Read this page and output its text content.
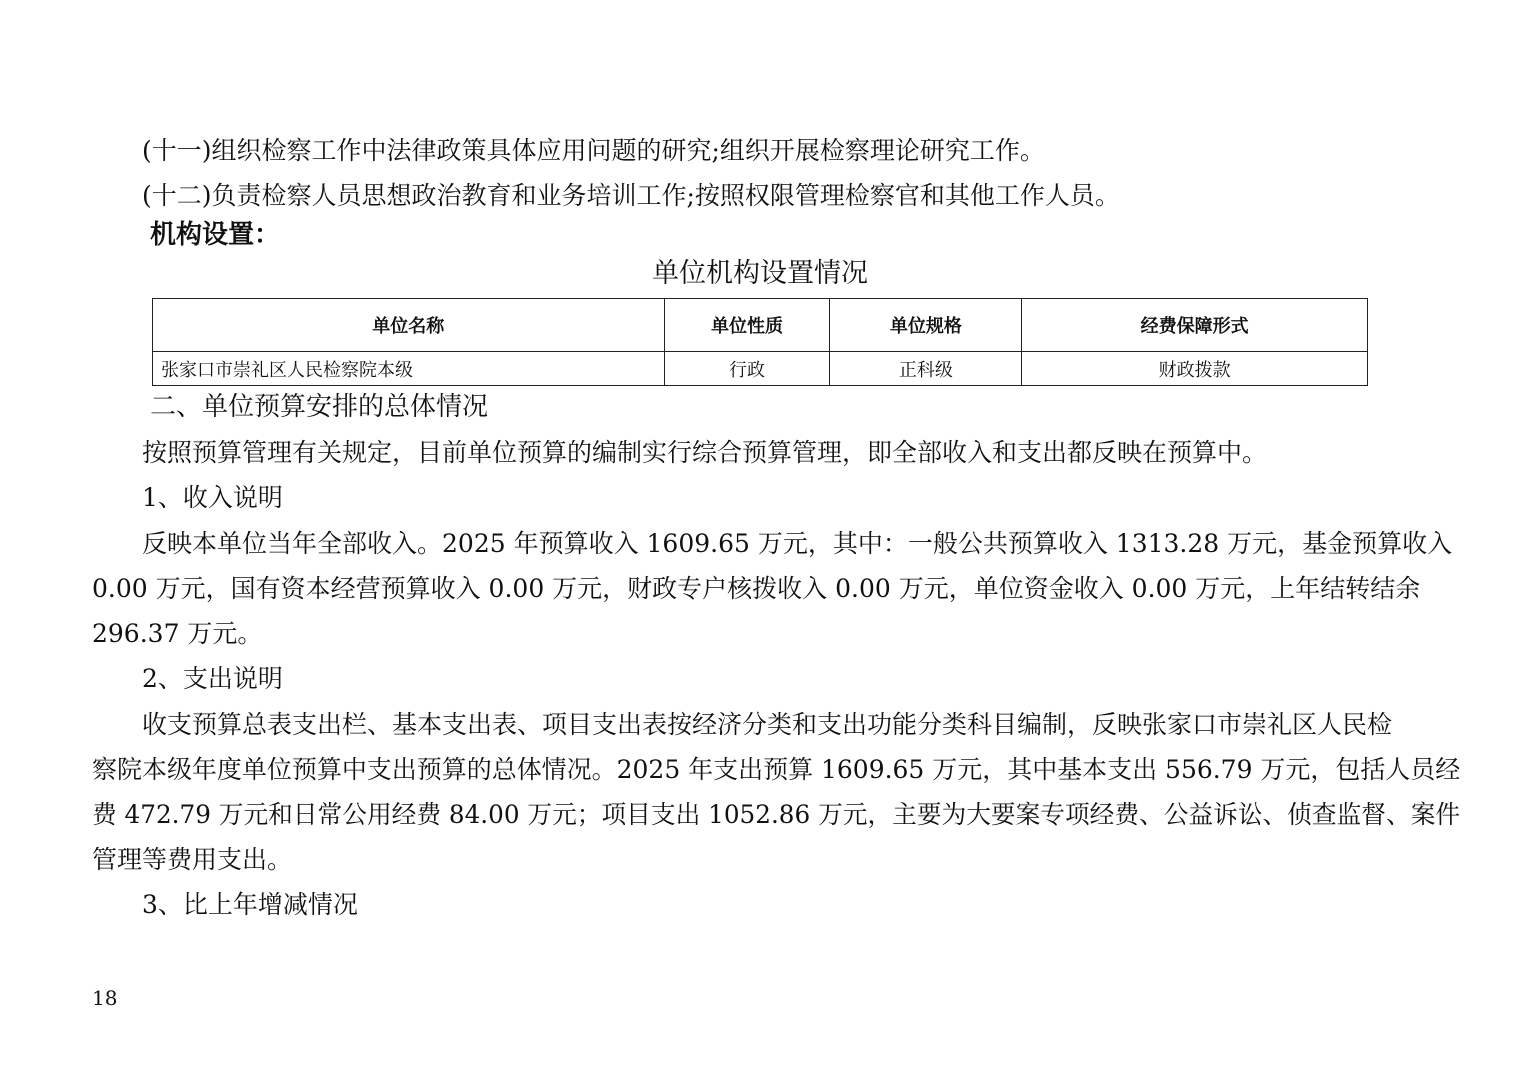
(十一)组织检察工作中法律政策具体应用问题的研究;组织开展检察理论研究工作。

(十二)负责检察人员思想政治教育和业务培训工作;按照权限管理检察官和其他工作人员。

机构设置：

单位机构设置情况

单位名称	单位性质	单位规格	经费保障形式
张家口市崇礼区人民检察院本级	行政	正科级	财政拨款

二、单位预算安排的总体情况

按照预算管理有关规定，目前单位预算的编制实行综合预算管理，即全部收入和支出都反映在预算中。

1、收入说明

反映本单位当年全部收入。2025 年预算收入 1609.65 万元，其中：一般公共预算收入 1313.28 万元，基金预算收入

0.00 万元，国有资本经营预算收入 0.00 万元，财政专户核拨收入 0.00 万元，单位资金收入 0.00 万元，上年结转结余

296.37 万元。

2、支出说明

收支预算总表支出栏、基本支出表、项目支出表按经济分类和支出功能分类科目编制，反映张家口市崇礼区人民检

察院本级年度单位预算中支出预算的总体情况。2025 年支出预算 1609.65 万元，其中基本支出 556.79 万元，包括人员经

费 472.79 万元和日常公用经费 84.00 万元；项目支出 1052.86 万元，主要为大要案专项经费、公益诉讼、侦查监督、案件

管理等费用支出。

3、比上年增减情况

18
